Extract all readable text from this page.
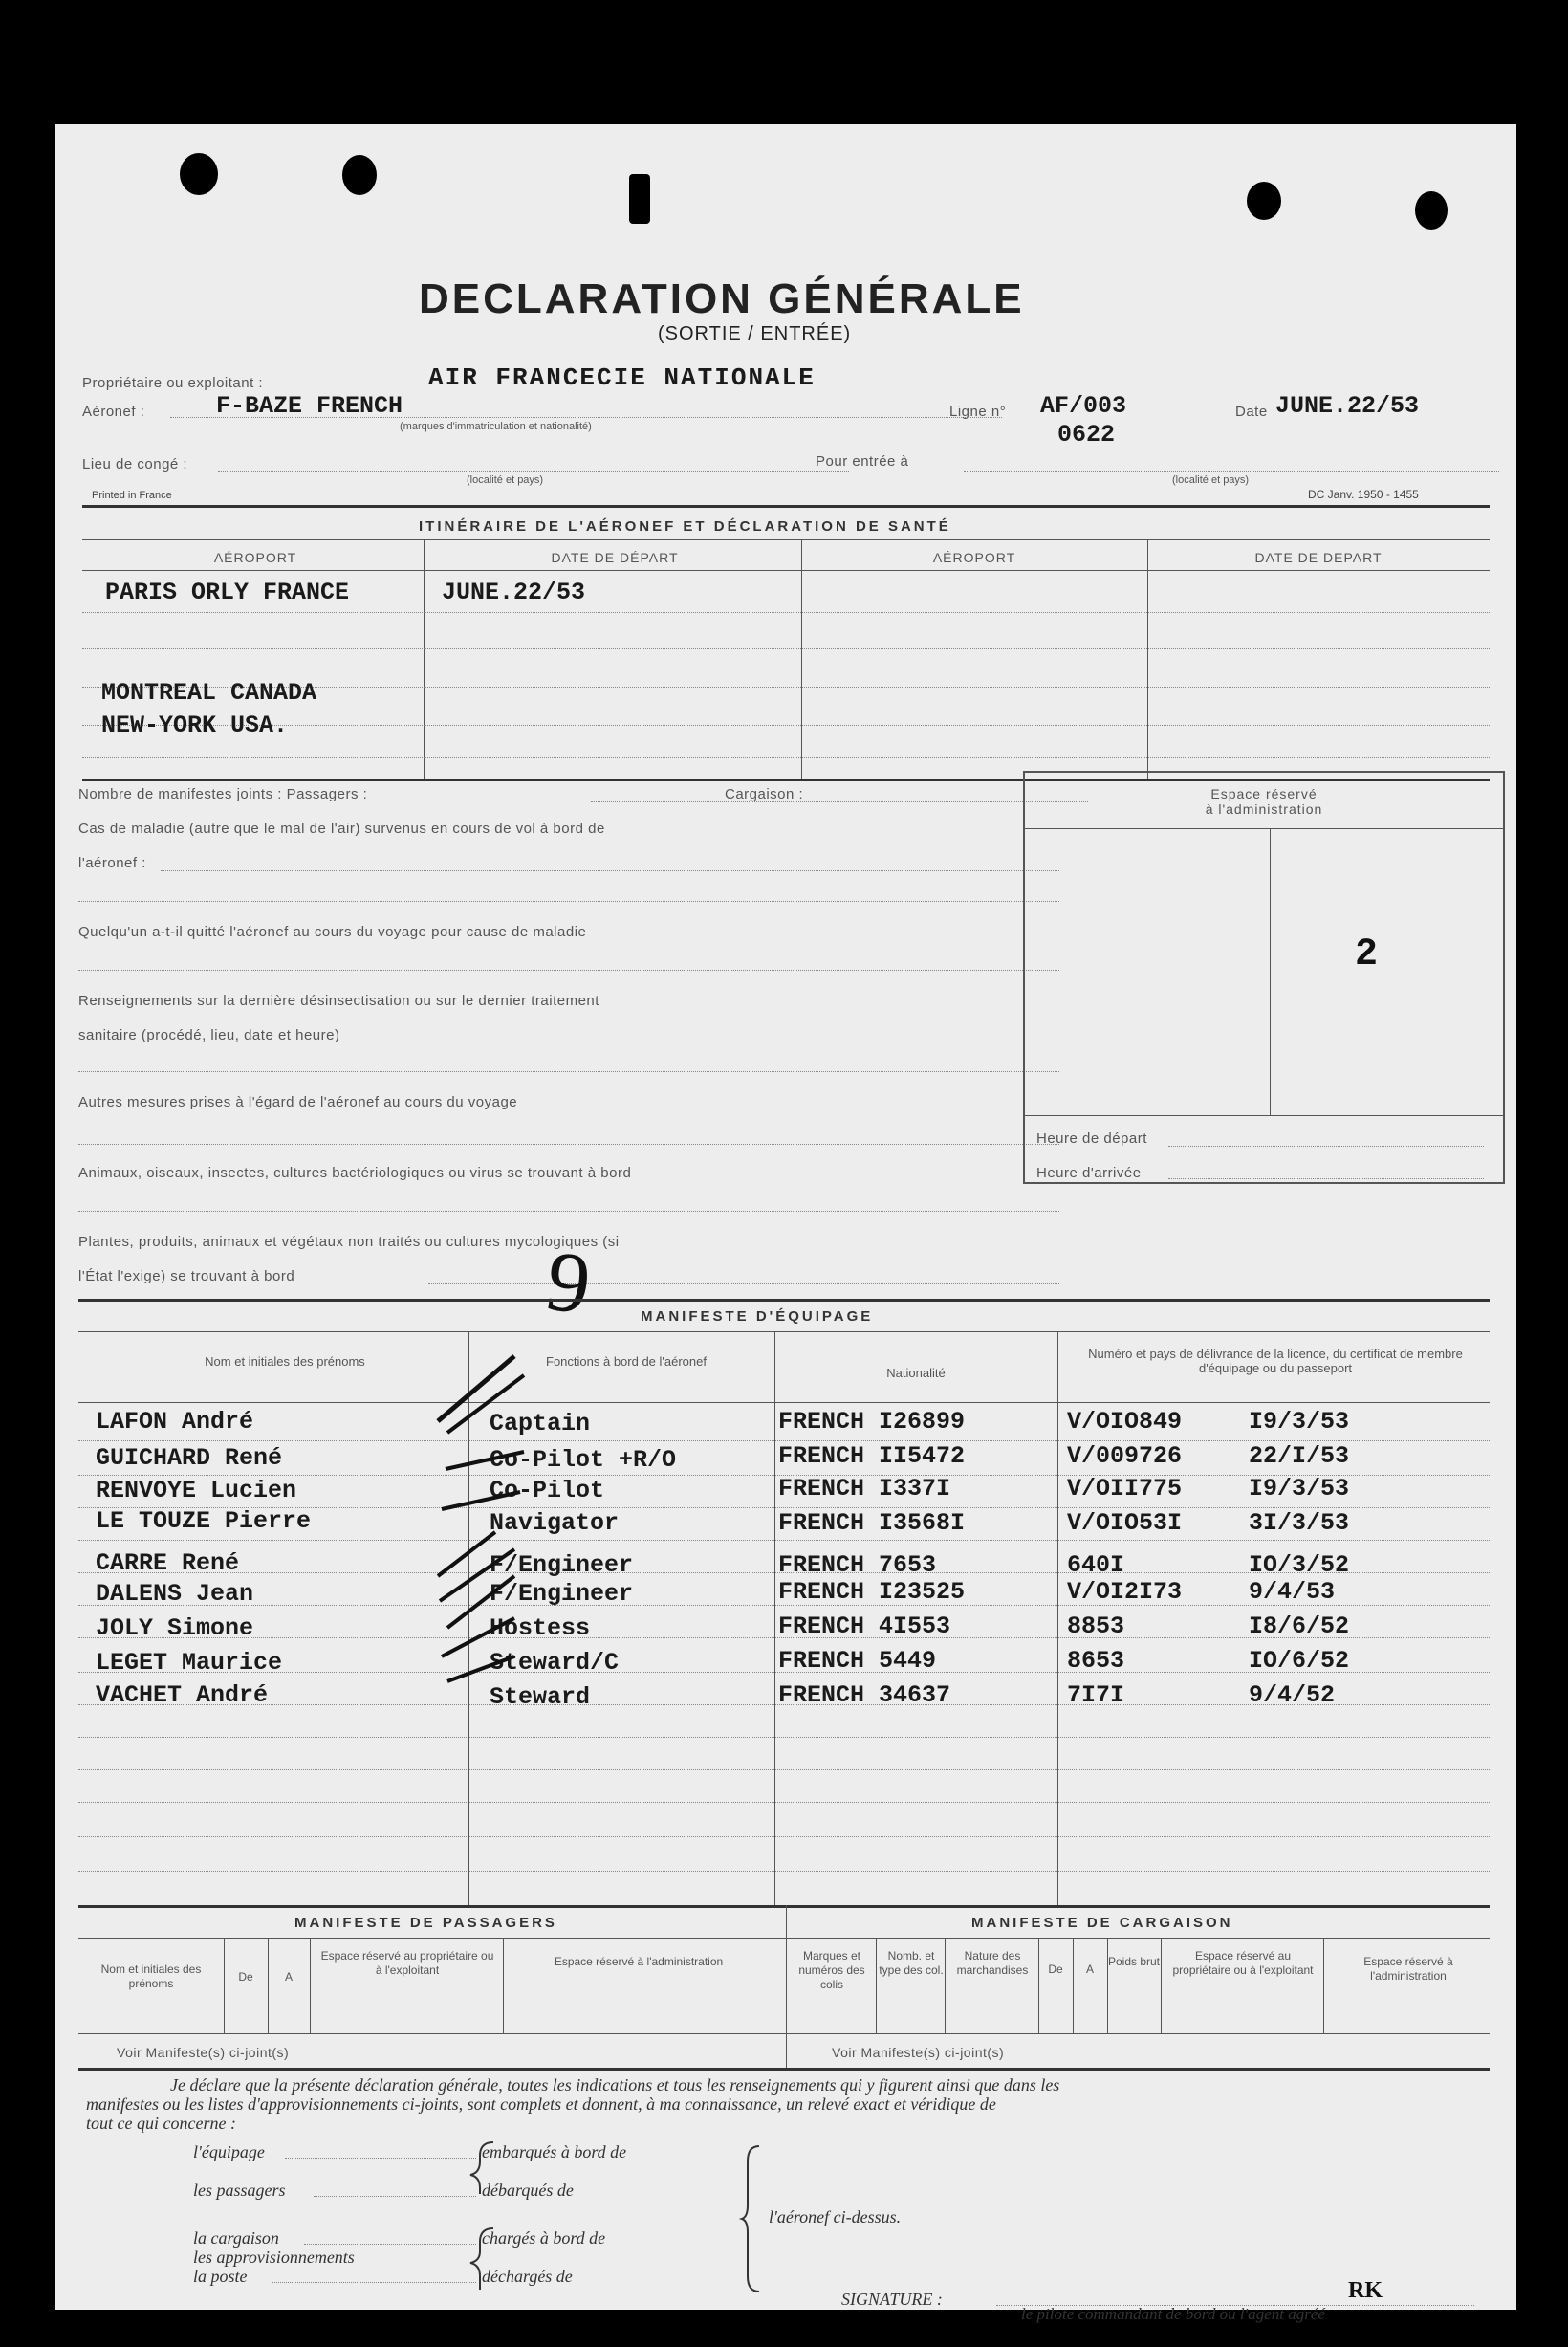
DECLARATION GÉNÉRALE
(SORTIE / ENTRÉE)
Propriétaire ou exploitant :	AIR FRANCECIE NATIONALE
Aéronef :	F-BAZE FRENCH
(marques d'immatriculation et nationalité)
Ligne n° AF/003
0622
Date JUNE.22/53
Lieu de congé :
(localité et pays)
Pour entrée à
(localité et pays)
Printed in France	DC Janv. 1950 - 1455
ITINÉRAIRE DE L'AÉRONEF ET DÉCLARATION DE SANTÉ
AÉROPORT	DATE DE DÉPART	AÉROPORT	DATE DE DEPART
PARIS ORLY FRANCE	JUNE.22/53
MONTREAL CANADA
NEW-YORK USA.
Nombre de manifestes joints : Passagers :	Cargaison :
Cas de maladie (autre que le mal de l'air) survenus en cours de vol à bord de
l'aéronef :
Quelqu'un a-t-il quitté l'aéronef au cours du voyage pour cause de maladie
Renseignements sur la dernière désinsectisation ou sur le dernier traitement
sanitaire (procédé, lieu, date et heure)
Autres mesures prises à l'égard de l'aéronef au cours du voyage
Animaux, oiseaux, insectes, cultures bactériologiques ou virus se trouvant à bord
Plantes, produits, animaux et végétaux non traités ou cultures mycologiques (si
l'État l'exige) se trouvant à bord	9
Espace réservé
à l'administration
2
Heure de départ
Heure d'arrivée
MANIFESTE D'ÉQUIPAGE
Nom et initiales des prénoms	Fonctions à bord de l'aéronef
Nationalité
Numéro et pays de délivrance de la licence, du certificat de membre d'équipage ou du passeport
LAFON André	Captain	FRENCH I26899	V/OIO849	I9/3/53
GUICHARD René	Co-Pilot +R/O	FRENCH II5472	V/009726	22/I/53
RENVOYE Lucien	Co-Pilot	FRENCH I337I	V/OII775	I9/3/53
LE TOUZE Pierre	Navigator	FRENCH I3568I	V/OIO53I	3I/3/53
CARRE René	F/Engineer	FRENCH 7653	640I	IO/3/52
DALENS Jean	F/Engineer	FRENCH I23525	V/OI2I73	9/4/53
JOLY Simone	Hostess	FRENCH 4I553	8853	I8/6/52
LEGET Maurice	Steward/C	FRENCH 5449	8653	IO/6/52
VACHET André	Steward	FRENCH 34637	7I7I	9/4/52
MANIFESTE DE PASSAGERS	MANIFESTE DE CARGAISON
Nom et initiales des prénoms	De	A
Espace réservé au propriétaire ou à l'exploitant
Espace réservé à l'administration	Marques et numéros des colis
Nomb. et type des col.
Nature des marchandises	De	A
Poids brut	Espace réservé au propriétaire ou à l'exploitant
Espace réservé à l'administration
Voir Manifeste(s) ci-joint(s)	Voir Manifeste(s) ci-joint(s)
Je déclare que la présente déclaration générale, toutes les indications et tous les renseignements qui y figurent ainsi que dans les
manifestes ou les listes d'approvisionnements ci-joints, sont complets et donnent, à ma connaissance, un relevé exact et véridique de
tout ce qui concerne :
l'équipage
les passagers
la cargaison
les approvisionnements
la poste
embarqués à bord de
débarqués de
chargés à bord de
déchargés de
l'aéronef ci-dessus.
SIGNATURE :	RK
le pilote commandant de bord ou l'agent agréé
